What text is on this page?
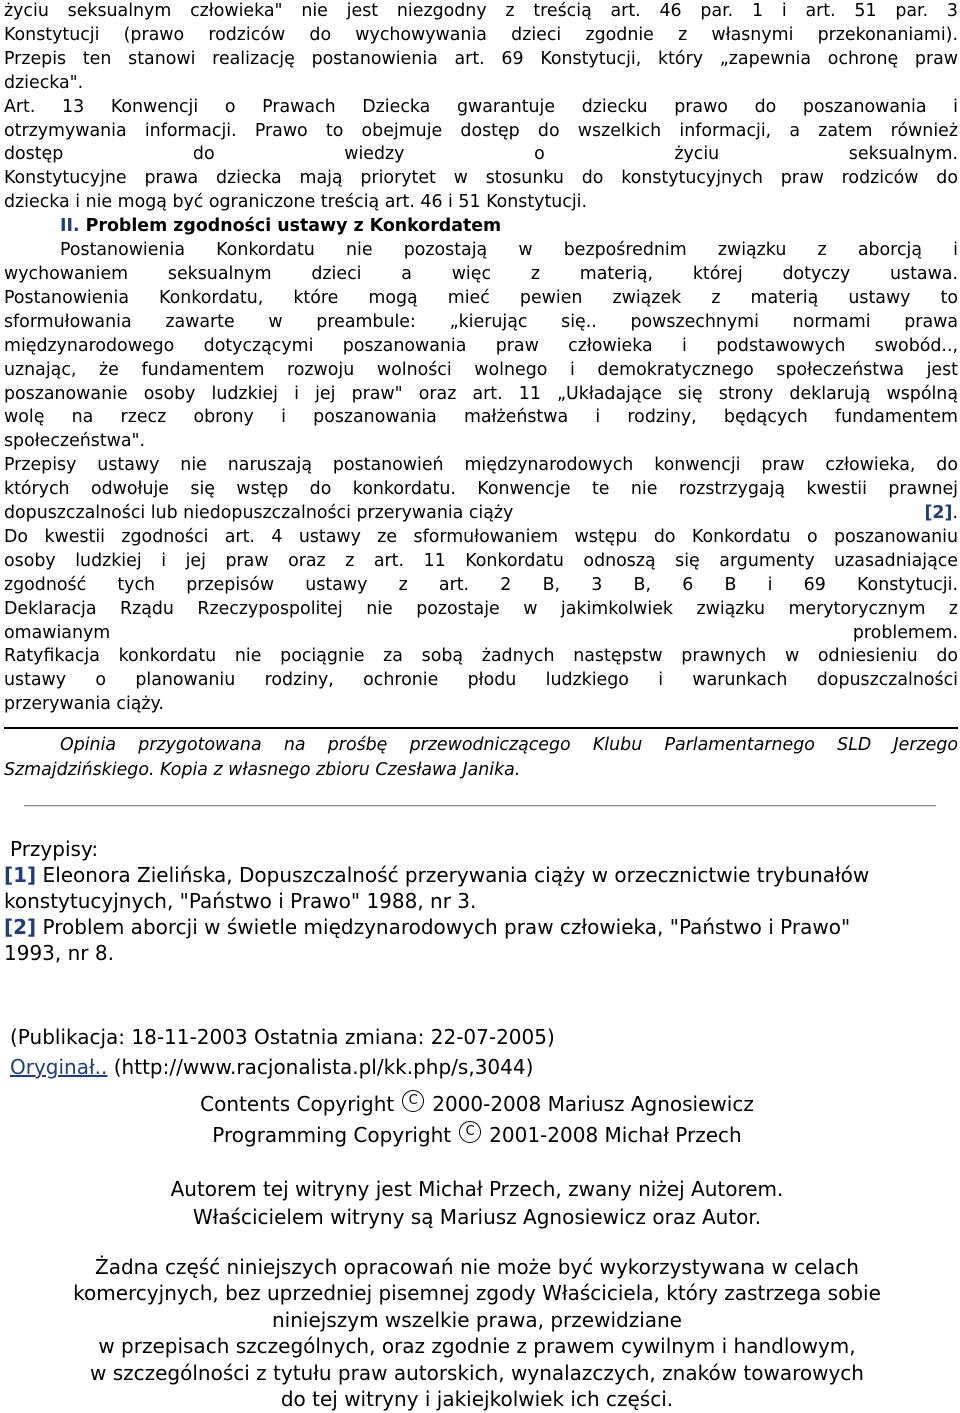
życiu seksualnym człowieka" nie jest niezgodny z treścią art. 46 par. 1 i art. 51 par. 3

Konstytucji (prawo rodziców do wychowywania dzieci zgodnie z własnymi przekonaniami).

Przepis ten stanowi realizację postanowienia art. 69 Konstytucji, który „zapewnia ochronę praw

dziecka".

Art. 13 Konwencji o Prawach Dziecka gwarantuje dziecku prawo do poszanowania i

otrzymywania informacji. Prawo to obejmuje dostęp do wszelkich informacji, a zatem również

dostęp do wiedzy o życiu seksualnym.

Konstytucyjne prawa dziecka mają priorytet w stosunku do konstytucyjnych praw rodziców do

dziecka i nie mogą być ograniczone treścią art. 46 i 51 Konstytucji.

II. Problem zgodności ustawy z Konkordatem

Postanowienia Konkordatu nie pozostają w bezpośrednim związku z aborcją i

wychowaniem seksualnym dzieci a więc z materią, której dotyczy ustawa.

Postanowienia Konkordatu, które mogą mieć pewien związek z materią ustawy to

sformułowania zawarte w preambule: „kierując się.. powszechnymi normami prawa

międzynarodowego dotyczącymi poszanowania praw człowieka i podstawowych swobód..,

uznając, że fundamentem rozwoju wolności wolnego i demokratycznego społeczeństwa jest

poszanowanie osoby ludzkiej i jej praw" oraz art. 11 „Układające się strony deklarują wspólną

wolę na rzecz obrony i poszanowania małżeństwa i rodziny, będących fundamentem

społeczeństwa".

Przepisy ustawy nie naruszają postanowień międzynarodowych konwencji praw człowieka, do

których odwołuje się wstęp do konkordatu. Konwencje te nie rozstrzygają kwestii prawnej

dopuszczalności lub niedopuszczalności przerywania ciąży	[2].

Do kwestii zgodności art. 4 ustawy ze sformułowaniem wstępu do Konkordatu o poszanowaniu

osoby ludzkiej i jej praw oraz z art. 11 Konkordatu odnoszą się argumenty uzasadniające

zgodność tych przepisów ustawy z art. 2 B, 3 B, 6 B i 69 Konstytucji.

Deklaracja Rządu Rzeczypospolitej nie pozostaje w jakimkolwiek związku merytorycznym z

omawianym	problemem.

Ratyfikacja konkordatu nie pociągnie za sobą żadnych następstw prawnych w odniesieniu do

ustawy o planowaniu rodziny, ochronie płodu ludzkiego i warunkach dopuszczalności

przerywania ciąży.

Opinia przygotowana na prośbę przewodniczącego Klubu Parlamentarnego SLD Jerzego

Szmajdzińskiego. Kopia z własnego zbioru Czesława Janika.

Przypisy:

[1] Eleonora Zielińska, Dopuszczalność przerywania ciąży w orzecznictwie trybunałów

konstytucyjnych, "Państwo i Prawo" 1988, nr 3.

[2] Problem aborcji w świetle międzynarodowych praw człowieka, "Państwo i Prawo"

1993, nr 8.

(Publikacja: 18-11-2003 Ostatnia zmiana: 22-07-2005)

Oryginał.. (http://www.racjonalista.pl/kk.php/s,3044)

Contents Copyright C 2000-2008 Mariusz Agnosiewicz

Programming Copyright C 2001-2008 Michał Przech

Autorem tej witryny jest Michał Przech, zwany niżej Autorem.

Właścicielem witryny są Mariusz Agnosiewicz oraz Autor.

Żadna część niniejszych opracowań nie może być wykorzystywana w celach

komercyjnych, bez uprzedniej pisemnej zgody Właściciela, który zastrzega sobie

niniejszym wszelkie prawa, przewidziane

w przepisach szczególnych, oraz zgodnie z prawem cywilnym i handlowym,

w szczególności z tytułu praw autorskich, wynalazczych, znaków towarowych

do tej witryny i jakiejkolwiek ich części.
